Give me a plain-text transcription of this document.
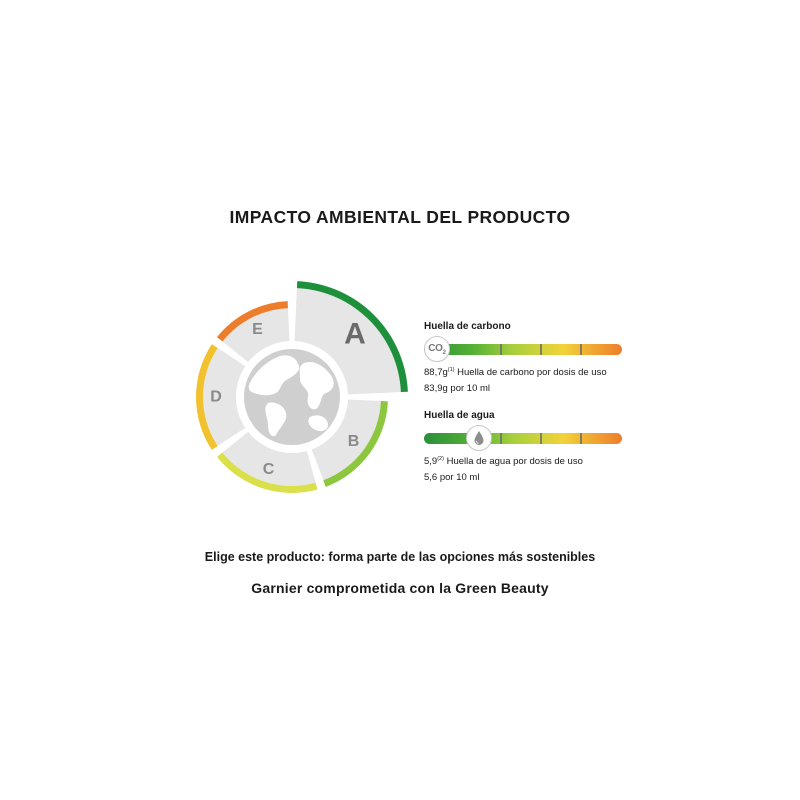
IMPACTO AMBIENTAL DEL PRODUCTO
A
B
C
D
E	Huella de carbono
$CO_2$
$88,7g^{(1)}$ Huella de carbono por dosis de uso
83,9g por 10 ml
Huella de agua
5,9$^{(2)}$ Huella de agua por dosis de uso
5,6 por 10 ml
Elige este producto: forma parte de las opciones más sostenibles
Garnier comprometida con la Green Beauty
